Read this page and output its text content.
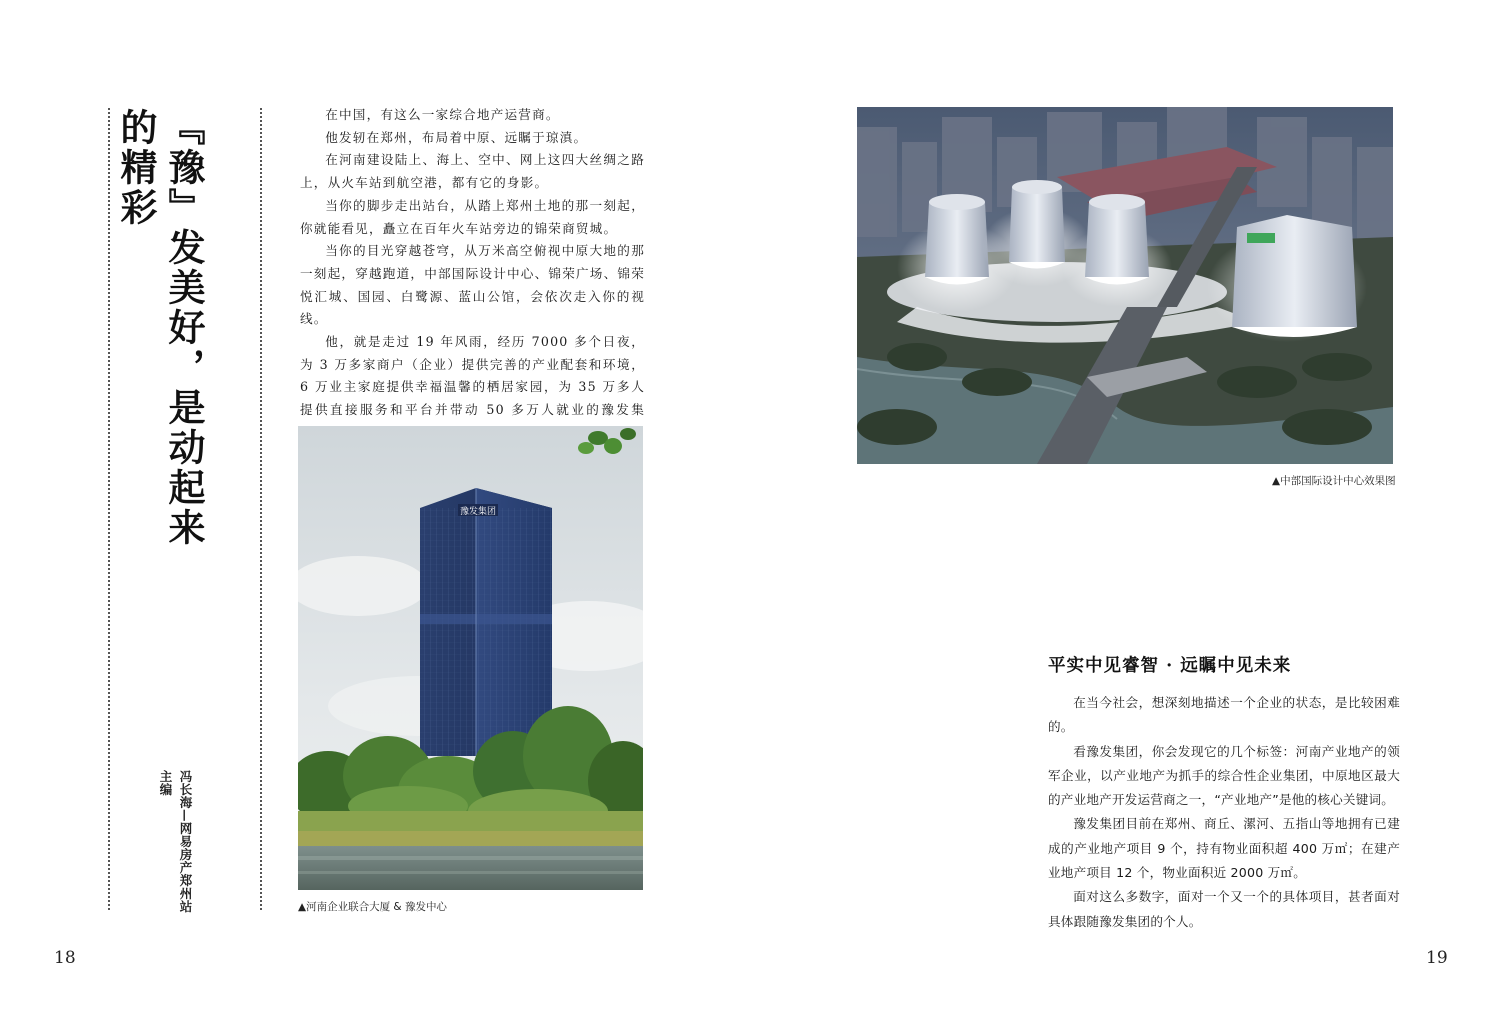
『豫』发美好，是动起来的精彩
冯长海—网易房产郑州站主编

在中国，有这么一家综合地产运营商。

他发轫在郑州，布局着中原、远瞩于琼滇。

在河南建设陆上、海上、空中、网上这四大丝绸之路上，从火车站到航空港，都有它的身影。

当你的脚步走出站台，从踏上郑州土地的那一刻起，你就能看见，矗立在百年火车站旁边的锦荣商贸城。

当你的目光穿越苍穹，从万米高空俯视中原大地的那一刻起，穿越跑道，中部国际设计中心、锦荣广场、锦荣悦汇城、国园、白鹭源、蓝山公馆，会依次走入你的视线。

他，就是走过 19 年风雨，经历 7000 多个日夜，为 3 万多家商户（企业）提供完善的产业配套和环境，6 万业主家庭提供幸福温馨的栖居家园，为 35 万多人提供直接服务和平台并带动 50 多万人就业的豫发集

豫发集团
▲河南企业联合大厦 & 豫发中心
18
▲中部国际设计中心效果图
平实中见睿智 · 远瞩中见未来

在当今社会，想深刻地描述一个企业的状态，是比较困难的。

看豫发集团，你会发现它的几个标签：河南产业地产的领军企业，以产业地产为抓手的综合性企业集团，中原地区最大的产业地产开发运营商之一，“产业地产”是他的核心关键词。

豫发集团目前在郑州、商丘、漯河、五指山等地拥有已建成的产业地产项目 9 个，持有物业面积超 400 万㎡；在建产业地产项目 12 个，物业面积近 2000 万㎡。

面对这么多数字，面对一个又一个的具体项目，甚者面对具体跟随豫发集团的个人。

19
